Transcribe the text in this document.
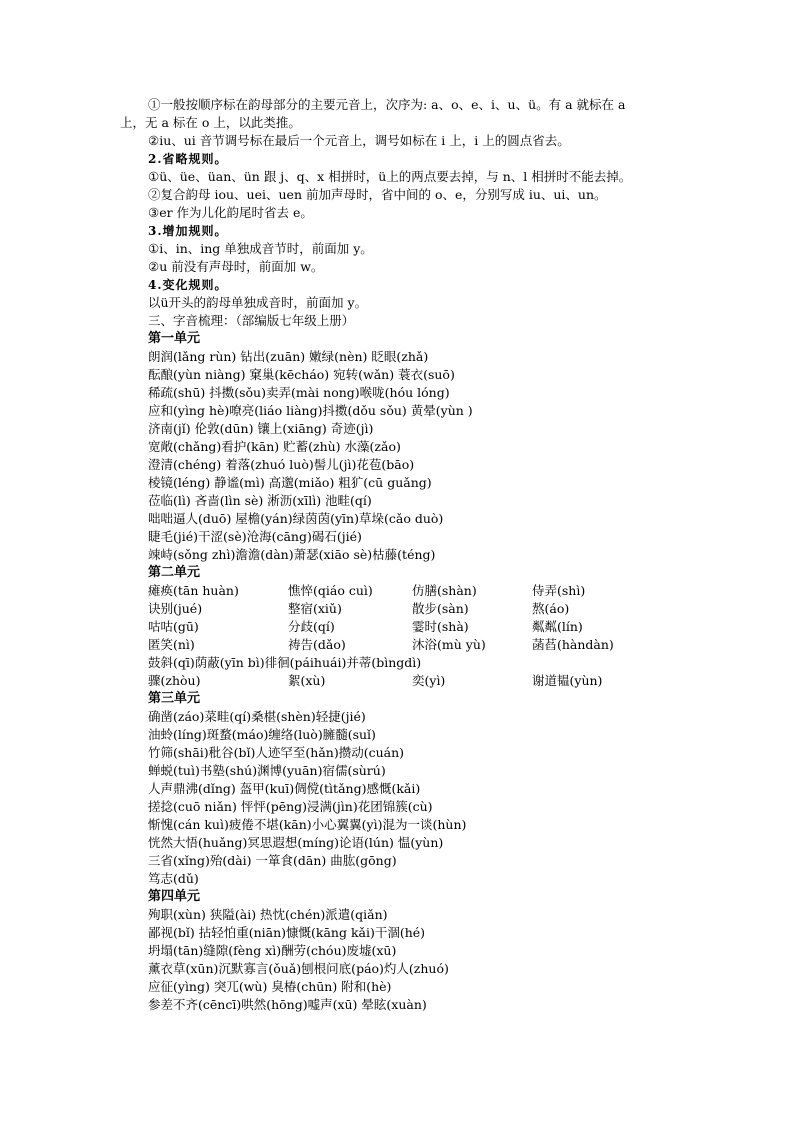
①一般按顺序标在韵母部分的主要元音上，次序为: a、o、e、i、u、ü。有 a 就标在 a
上，无 a 标在 o 上，以此类推。
②iu、ui 音节调号标在最后一个元音上，调号如标在 i 上，i 上的圆点省去。
2.省略规则。
①ü、üe、üan、ün 跟 j、q、x 相拼时，ü上的两点要去掉，与 n、l 相拼时不能去掉。
②复合韵母 iou、uei、uen 前加声母时，省中间的 o、e，分别写成 iu、ui、un。
③er 作为儿化韵尾时省去 e。
3.增加规则。
①i、in、ing 单独成音节时，前面加 y。
②u 前没有声母时，前面加 w。
4.变化规则。
以ü开头的韵母单独成音时，前面加 y。
三、字音梳理：（部编版七年级上册）
第一单元
朗润(lǎng rùn) 钻出(zuān) 嫩绿(nèn) 眨眼(zhǎ)
酝酿(yùn niàng) 窠巢(kēcháo) 宛转(wǎn) 蓑衣(suō)
稀疏(shū) 抖擞(sǒu)卖弄(mài nong)喉咙(hóu lóng)
应和(yìng hè)嘹亮(liáo liàng)抖擞(dǒu sǒu) 黄晕(yùn )
济南(jǐ) 伦敦(dūn) 镶上(xiāng) 奇迹(jì)
宽敞(chǎng)看护(kān) 贮蓄(zhù) 水藻(zǎo)
澄清(chéng) 着落(zhuó luò)髻儿(jì)花苞(bāo)
棱镜(léng) 静谧(mì) 高邈(miǎo) 粗犷(cū guǎng)
莅临(lì) 吝啬(lìn sè) 淅沥(xīlì) 池畦(qí)
咄咄逼人(duō) 屋檐(yán)绿茵茵(yīn)草垛(cǎo duò)
睫毛(jié)干涩(sè)沧海(cāng)碣石(jié)
竦峙(sǒng zhì)澹澹(dàn)萧瑟(xiāo sè)枯藤(téng)
第二单元
瘫痪(tān huàn)	憔悴(qiáo cuì)	仿膳(shàn)	侍弄(shì)
诀别(jué)	整宿(xiǔ)	散步(sàn)	熬(áo)
咕咕(gū)	分歧(qí)	霎时(shà)	粼粼(lín)
匿笑(nì)	祷告(dǎo)	沐浴(mù yù)	菡萏(hàndàn)
鼓斜(qī)荫蔽(yīn bì)徘徊(páihuái)并蒂(bìngdì)
骤(zhòu)	絮(xù)	奕(yì)	谢道韫(yùn)
第三单元
确凿(záo)菜畦(qí)桑椹(shèn)轻捷(jié)
油蛉(líng)斑蝥(máo)缠络(luò)臃髓(suǐ)
竹筛(shāi)秕谷(bǐ)人迹罕至(hǎn)攒动(cuán)
蝉蜕(tuì)书塾(shú)渊博(yuān)宿儒(sùrú)
人声鼎沸(dǐng) 盔甲(kuī)倜傥(tìtǎng)感慨(kǎi)
搓捻(cuō niǎn) 怦怦(pēng)浸满(jìn)花团锦簇(cù)
惭愧(cán kuì)疲倦不堪(kān)小心翼翼(yì)混为一谈(hùn)
恍然大悟(huǎng)冥思遐想(míng)论语(lún) 愠(yùn)
三省(xǐng)殆(dài) 一箪食(dān) 曲肱(gōng)
笃志(dǔ)
第四单元
殉职(xùn) 狭隘(ài) 热忱(chén)派遣(qiǎn)
鄙视(bǐ) 拈轻怕重(niān)慷慨(kāng kǎi)干涸(hé)
坍塌(tān)缝隙(fèng xì)酬劳(chóu)废墟(xū)
薰衣草(xūn)沉默寡言(ǒuǎ)刨根问底(páo)灼人(zhuó)
应征(yìng) 突兀(wù) 臭椿(chūn) 附和(hè)
参差不齐(cēncī)哄然(hōng)嘘声(xū) 晕眩(xuàn)
